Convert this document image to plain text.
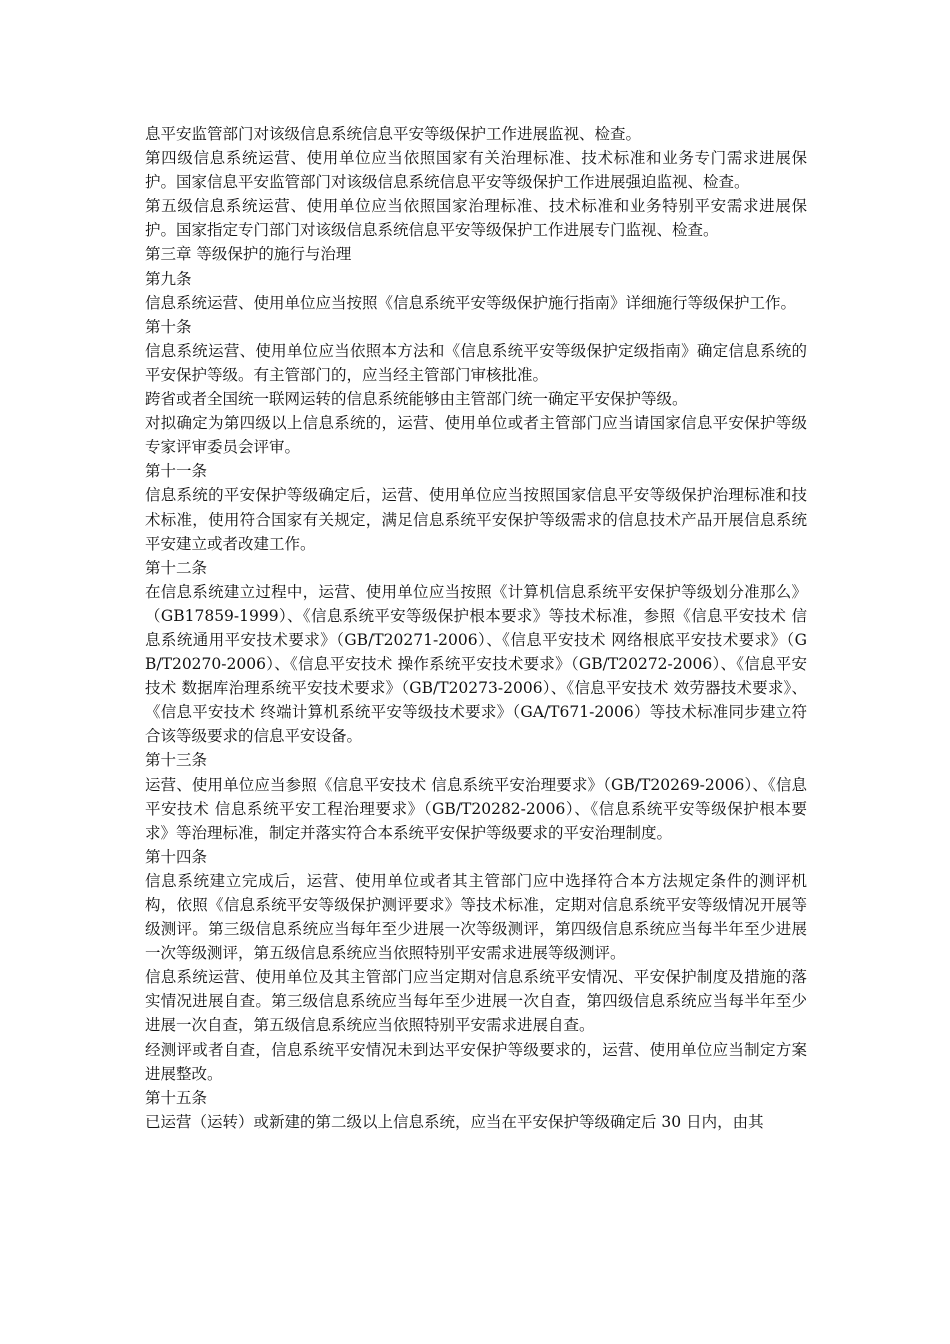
息平安监管部门对该级信息系统信息平安等级保护工作进展监视、检查。

第四级信息系统运营、使用单位应当依照国家有关治理标准、技术标准和业务专门需求进展保护。国家信息平安监管部门对该级信息系统信息平安等级保护工作进展强迫监视、检查。

第五级信息系统运营、使用单位应当依照国家治理标准、技术标准和业务特别平安需求进展保护。国家指定专门部门对该级信息系统信息平安等级保护工作进展专门监视、检查。

第三章 等级保护的施行与治理

第九条

信息系统运营、使用单位应当按照《信息系统平安等级保护施行指南》详细施行等级保护工作。

第十条

信息系统运营、使用单位应当依照本方法和《信息系统平安等级保护定级指南》确定信息系统的平安保护等级。有主管部门的，应当经主管部门审核批准。

跨省或者全国统一联网运转的信息系统能够由主管部门统一确定平安保护等级。

对拟确定为第四级以上信息系统的，运营、使用单位或者主管部门应当请国家信息平安保护等级专家评审委员会评审。

第十一条

信息系统的平安保护等级确定后，运营、使用单位应当按照国家信息平安等级保护治理标准和技术标准，使用符合国家有关规定，满足信息系统平安保护等级需求的信息技术产品开展信息系统平安建立或者改建工作。

第十二条

在信息系统建立过程中，运营、使用单位应当按照《计算机信息系统平安保护等级划分准那么》（GB17859-1999）、《信息系统平安等级保护根本要求》等技术标准，参照《信息平安技术 信息系统通用平安技术要求》（GB/T20271-2006）、《信息平安技术 网络根底平安技术要求》（GB/T20270-2006）、《信息平安技术 操作系统平安技术要求》（GB/T20272-2006）、《信息平安技术 数据库治理系统平安技术要求》（GB/T20273-2006）、《信息平安技术 效劳器技术要求》、《信息平安技术 终端计算机系统平安等级技术要求》（GA/T671-2006）等技术标准同步建立符合该等级要求的信息平安设备。

第十三条

运营、使用单位应当参照《信息平安技术 信息系统平安治理要求》（GB/T20269-2006）、《信息平安技术 信息系统平安工程治理要求》（GB/T20282-2006）、《信息系统平安等级保护根本要求》等治理标准，制定并落实符合本系统平安保护等级要求的平安治理制度。

第十四条

信息系统建立完成后，运营、使用单位或者其主管部门应中选择符合本方法规定条件的测评机构，依照《信息系统平安等级保护测评要求》等技术标准，定期对信息系统平安等级情况开展等级测评。第三级信息系统应当每年至少进展一次等级测评，第四级信息系统应当每半年至少进展一次等级测评，第五级信息系统应当依照特别平安需求进展等级测评。

信息系统运营、使用单位及其主管部门应当定期对信息系统平安情况、平安保护制度及措施的落实情况进展自查。第三级信息系统应当每年至少进展一次自查，第四级信息系统应当每半年至少进展一次自查，第五级信息系统应当依照特别平安需求进展自查。

经测评或者自查，信息系统平安情况未到达平安保护等级要求的，运营、使用单位应当制定方案进展整改。

第十五条

已运营（运转）或新建的第二级以上信息系统，应当在平安保护等级确定后 30 日内，由其
